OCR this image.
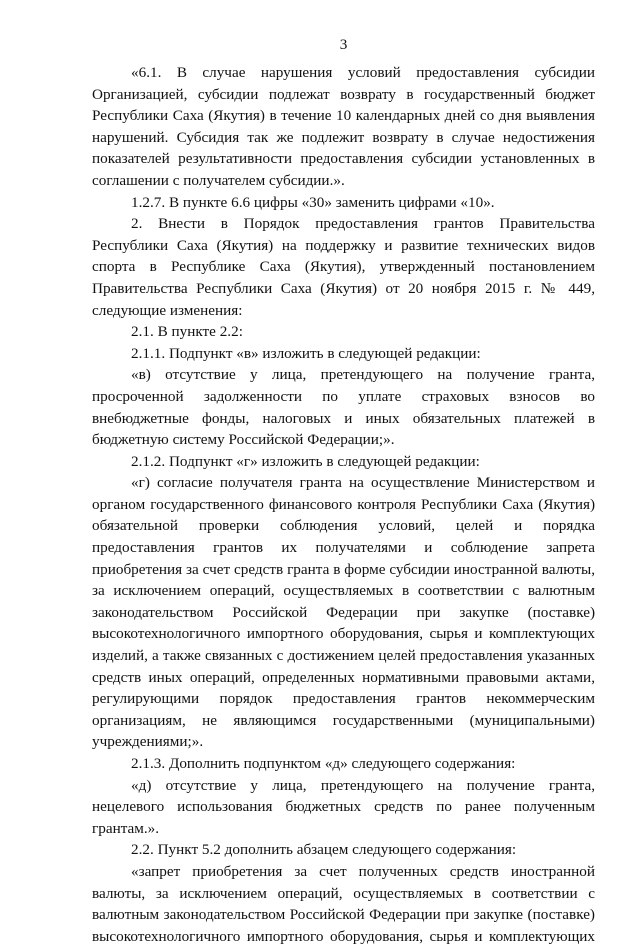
3

«6.1. В случае нарушения условий предоставления субсидии Организацией, субсидии подлежат возврату в государственный бюджет Республики Саха (Якутия) в течение 10 календарных дней со дня выявления нарушений. Субсидия так же подлежит возврату в случае недостижения показателей результативности предоставления субсидии установленных в соглашении с получателем субсидии.».

1.2.7. В пункте 6.6 цифры «30» заменить цифрами «10».

2. Внести в Порядок предоставления грантов Правительства Республики Саха (Якутия) на поддержку и развитие технических видов спорта в Республике Саха (Якутия), утвержденный постановлением Правительства Республики Саха (Якутия) от 20 ноября 2015 г. № 449, следующие изменения:

2.1. В пункте 2.2:

2.1.1. Подпункт «в» изложить в следующей редакции:

«в) отсутствие у лица, претендующего на получение гранта, просроченной задолженности по уплате страховых взносов во внебюджетные фонды, налоговых и иных обязательных платежей в бюджетную систему Российской Федерации;».

2.1.2. Подпункт «г» изложить в следующей редакции:

«г) согласие получателя гранта на осуществление Министерством и органом государственного финансового контроля Республики Саха (Якутия) обязательной проверки соблюдения условий, целей и порядка предоставления грантов их получателями и соблюдение запрета приобретения за счет средств гранта в форме субсидии иностранной валюты, за исключением операций, осуществляемых в соответствии с валютным законодательством Российской Федерации при закупке (поставке) высокотехнологичного импортного оборудования, сырья и комплектующих изделий, а также связанных с достижением целей предоставления указанных средств иных операций, определенных нормативными правовыми актами, регулирующими порядок предоставления грантов некоммерческим организациям, не являющимся государственными (муниципальными) учреждениями;».

2.1.3. Дополнить подпунктом «д» следующего содержания:

«д) отсутствие у лица, претендующего на получение гранта, нецелевого использования бюджетных средств по ранее полученным грантам.».

2.2. Пункт 5.2 дополнить абзацем следующего содержания:

«запрет приобретения за счет полученных средств иностранной валюты, за исключением операций, осуществляемых в соответствии с валютным законодательством Российской Федерации при закупке (поставке) высокотехнологичного импортного оборудования, сырья и комплектующих
